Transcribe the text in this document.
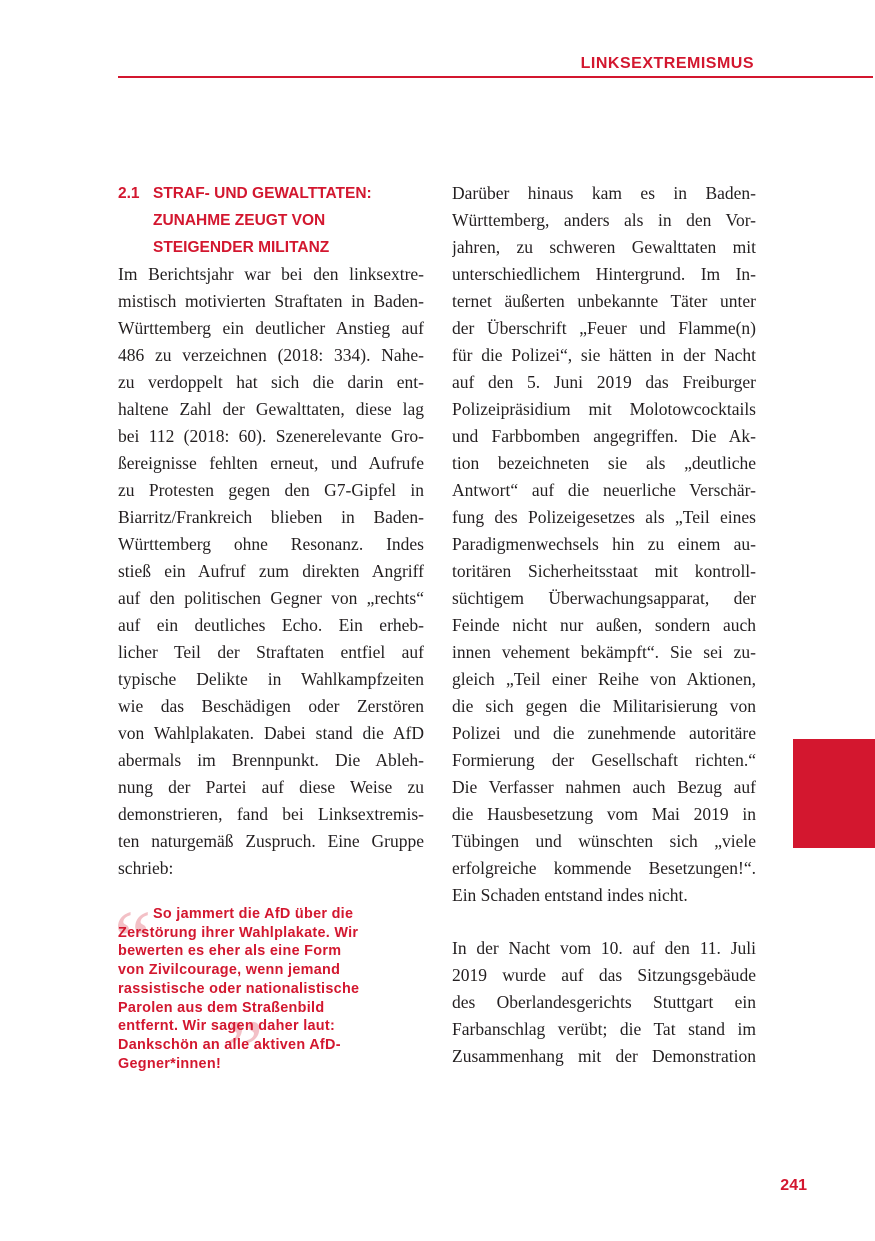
LINKSEXTREMISMUS
2.1 STRAF- UND GEWALTTATEN:
ZUNAHME ZEUGT VON
STEIGENDER MILITANZ
Im Berichtsjahr war bei den linksextre-
mistisch motivierten Straftaten in Baden-
Württemberg ein deutlicher Anstieg auf
486 zu verzeichnen (2018: 334). Nahe-
zu verdoppelt hat sich die darin ent-
haltene Zahl der Gewalttaten, diese lag
bei 112 (2018: 60). Szenerelevante Gro-
ßereignisse fehlten erneut, und Aufrufe
zu Protesten gegen den G7-Gipfel in
Biarritz/Frankreich blieben in Baden-
Württemberg ohne Resonanz. Indes
stieß ein Aufruf zum direkten Angriff
auf den politischen Gegner von „rechts“
auf ein deutliches Echo. Ein erheb-
licher Teil der Straftaten entfiel auf
typische Delikte in Wahlkampfzeiten
wie das Beschädigen oder Zerstören
von Wahlplakaten. Dabei stand die AfD
abermals im Brennpunkt. Die Ableh-
nung der Partei auf diese Weise zu
demonstrieren, fand bei Linksextremis-
ten naturgemäß Zuspruch. Eine Gruppe
schrieb:
“
”
So jammert die AfD über die
Zerstörung ihrer Wahlplakate. Wir
bewerten es eher als eine Form
von Zivilcourage, wenn jemand
rassistische oder nationalistische
Parolen aus dem Straßenbild
entfernt. Wir sagen daher laut:
Dankschön an alle aktiven AfD-
Gegner*innen!
Darüber hinaus kam es in Baden-
Württemberg, anders als in den Vor-
jahren, zu schweren Gewalttaten mit
unterschiedlichem Hintergrund. Im In-
ternet äußerten unbekannte Täter unter
der Überschrift „Feuer und Flamme(n)
für die Polizei“, sie hätten in der Nacht
auf den 5. Juni 2019 das Freiburger
Polizeipräsidium mit Molotowcocktails
und Farbbomben angegriffen. Die Ak-
tion bezeichneten sie als „deutliche
Antwort“ auf die neuerliche Verschär-
fung des Polizeigesetzes als „Teil eines
Paradigmenwechsels hin zu einem au-
toritären Sicherheitsstaat mit kontroll-
süchtigem Überwachungsapparat, der
Feinde nicht nur außen, sondern auch
innen vehement bekämpft“. Sie sei zu-
gleich „Teil einer Reihe von Aktionen,
die sich gegen die Militarisierung von
Polizei und die zunehmende autoritäre
Formierung der Gesellschaft richten.“
Die Verfasser nahmen auch Bezug auf
die Hausbesetzung vom Mai 2019 in
Tübingen und wünschten sich „viele
erfolgreiche kommende Besetzungen!“.
Ein Schaden entstand indes nicht.
In der Nacht vom 10. auf den 11. Juli
2019 wurde auf das Sitzungsgebäude
des Oberlandesgerichts Stuttgart ein
Farbanschlag verübt; die Tat stand im
Zusammenhang mit der Demonstration
241
